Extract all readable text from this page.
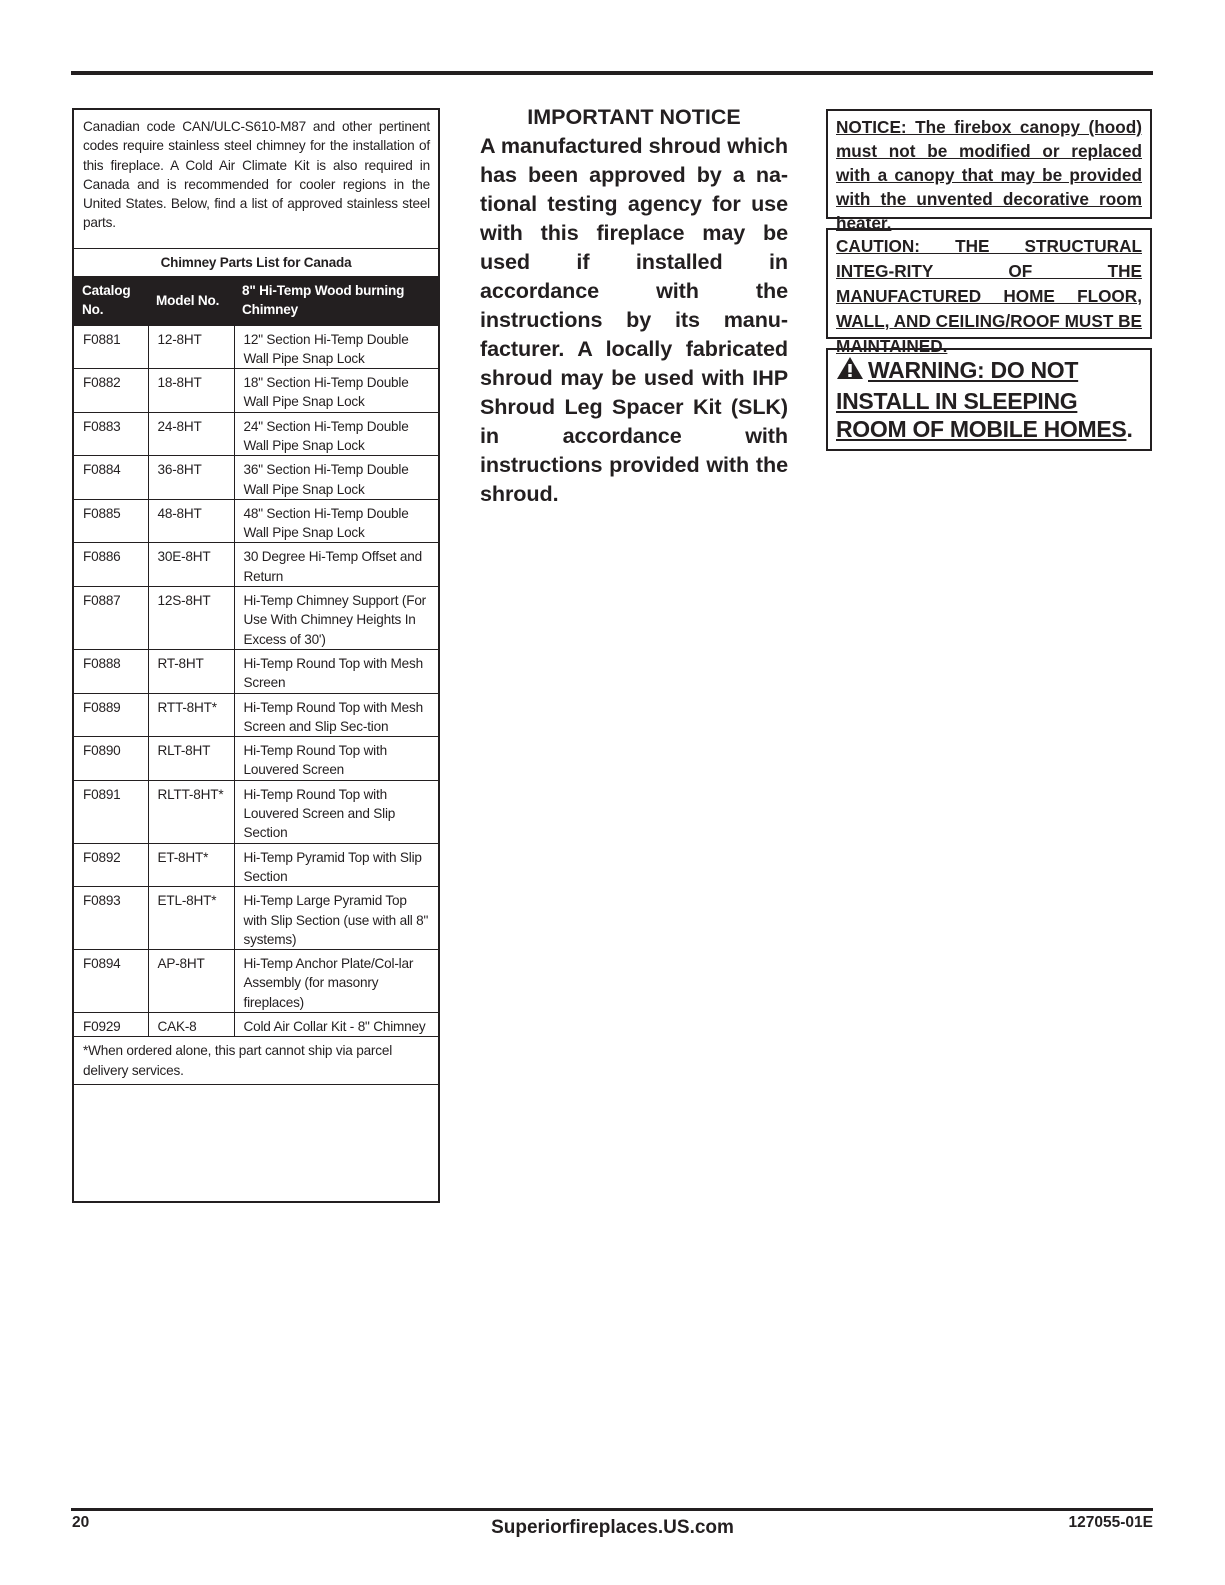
Canadian code CAN/ULC-S610-M87 and other pertinent codes require stainless steel chimney for the installation of this fireplace. A Cold Air Climate Kit is also required in Canada and is recommended for cooler regions in the United States. Below, find a list of approved stainless steel parts.

Chimney Parts List for Canada
Catalog No.	Model No.	8" Hi-Temp Wood burning Chimney
F0881	12-8HT	12" Section Hi-Temp Double Wall Pipe Snap Lock
F0882	18-8HT	18" Section Hi-Temp Double Wall Pipe Snap Lock
F0883	24-8HT	24" Section Hi-Temp Double Wall Pipe Snap Lock
F0884	36-8HT	36" Section Hi-Temp Double Wall Pipe Snap Lock
F0885	48-8HT	48" Section Hi-Temp Double Wall Pipe Snap Lock
F0886	30E-8HT	30 Degree Hi-Temp Offset and Return
F0887	12S-8HT	Hi-Temp Chimney Support (For Use With Chimney Heights In Excess of 30')
F0888	RT-8HT	Hi-Temp Round Top with Mesh Screen
F0889	RTT-8HT*	Hi-Temp Round Top with Mesh Screen and Slip Sec-tion
F0890	RLT-8HT	Hi-Temp Round Top with Louvered Screen
F0891	RLTT-8HT*	Hi-Temp Round Top with Louvered Screen and Slip Section
F0892	ET-8HT*	Hi-Temp Pyramid Top with Slip Section
F0893	ETL-8HT*	Hi-Temp Large Pyramid Top with Slip Section (use with all 8" systems)
F0894	AP-8HT	Hi-Temp Anchor Plate/Col-lar Assembly (for masonry fireplaces)
F0929	CAK-8	Cold Air Collar Kit - 8" Chimney
*When ordered alone, this part cannot ship via parcel delivery services.
IMPORTANT NOTICE

A manufactured shroud which has been approved by a na-tional testing agency for use with this fireplace may be used if installed in accordance with the instructions by its manu-facturer. A locally fabricated shroud may be used with IHP Shroud Leg Spacer Kit (SLK) in accordance with instructions provided with the shroud.

NOTICE: The firebox canopy (hood) must not be modified or replaced with a canopy that may be provided with the unvented decorative room heater.
CAUTION: THE STRUCTURAL INTEG-RITY OF THE MANUFACTURED HOME FLOOR, WALL, AND CEILING/ROOF MUST BE MAINTAINED.
WARNING: DO NOT INSTALL IN SLEEPING ROOM OF MOBILE HOMES.
20	Superiorfireplaces.US.com	127055-01E
